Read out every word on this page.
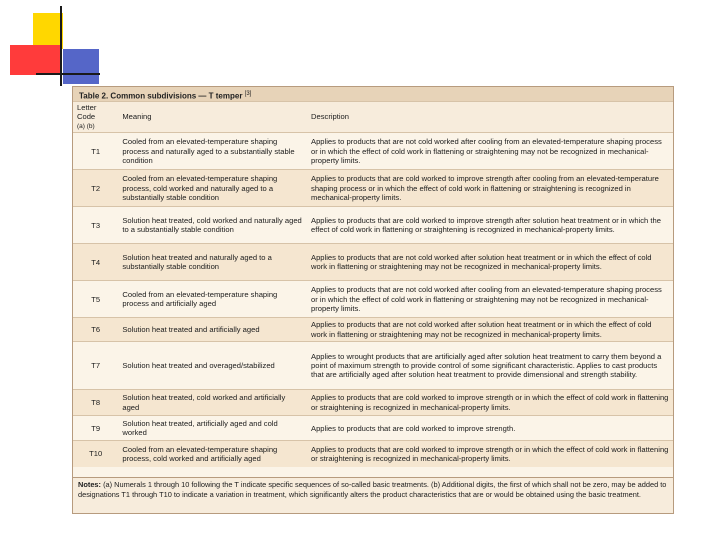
Table 2. Common subdivisions — T temper [3]
Letter Code
(a) (b)	Meaning	Description
T1	Cooled from an elevated-temperature shaping process and naturally aged to a substantially stable condition	Applies to products that are not cold worked after cooling from an elevated-temperature shaping process or in which the effect of cold work in flattening or straightening may not be recognized in mechanical-property limits.
T2	Cooled from an elevated-temperature shaping process, cold worked and naturally aged to a substantially stable condition	Applies to products that are cold worked to improve strength after cooling from an elevated-temperature shaping process or in which the effect of cold work in flattening or straightening is recognized in mechanical-property limits.
T3	Solution heat treated, cold worked and naturally aged to a substantially stable condition	Applies to products that are cold worked to improve strength after solution heat treatment or in which the effect of cold work in flattening or straightening is recognized in mechanical-property limits.
T4	Solution heat treated and naturally aged to a substantially stable condition	Applies to products that are not cold worked after solution heat treatment or in which the effect of cold work in flattening or straightening may not be recognized in mechanical-property limits.
T5	Cooled from an elevated-temperature shaping process and artificially aged	Applies to products that are not cold worked after cooling from an elevated-temperature shaping process or in which the effect of cold work in flattening or straightening may not be recognized in mechanical-property limits.
T6	Solution heat treated and artificially aged	Applies to products that are not cold worked after solution heat treatment or in which the effect of cold work in flattening or straightening may not be recognized in mechanical-property limits.
T7	Solution heat treated and overaged/stabilized	Applies to wrought products that are artificially aged after solution heat treatment to carry them beyond a point of maximum strength to provide control of some significant characteristic. Applies to cast products that are artificially aged after solution heat treatment to provide dimensional and strength stability.
T8	Solution heat treated, cold worked and artificially aged	Applies to products that are cold worked to improve strength or in which the effect of cold work in flattening or straightening is recognized in mechanical-property limits.
T9	Solution heat treated, artificially aged and cold worked	Applies to products that are cold worked to improve strength.
T10	Cooled from an elevated-temperature shaping process, cold worked and artificially aged	Applies to products that are cold worked to improve strength or in which the effect of cold work in flattening or straightening is recognized in mechanical-property limits.
Notes: (a) Numerals 1 through 10 following the T indicate specific sequences of so-called basic treatments. (b) Additional digits, the first of which shall not be zero, may be added to designations T1 through T10 to indicate a variation in treatment, which significantly alters the product characteristics that are or would be obtained using the basic treatment.
